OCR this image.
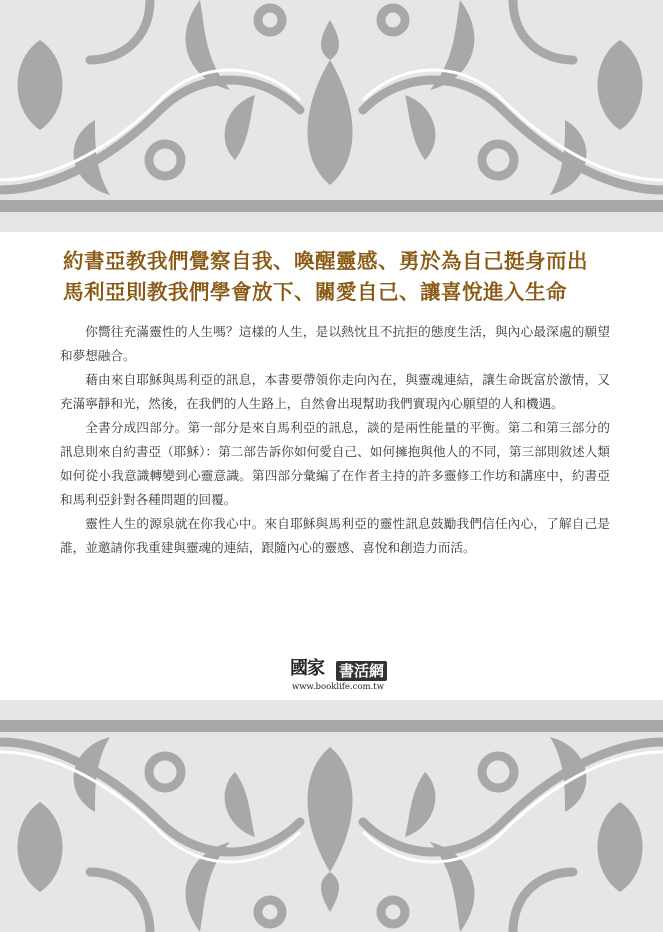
約書亞教我們覺察自我、喚醒靈感、勇於為自己挺身而出
馬利亞則教我們學會放下、關愛自己、讓喜悅進入生命

你嚮往充滿靈性的人生嗎？這樣的人生，是以熱忱且不抗拒的態度生活，與內心最深處的願望和夢想融合。

藉由來自耶穌與馬利亞的訊息，本書要帶領你走向內在，與靈魂連結，讓生命既富於激情，又充滿寧靜和光，然後，在我們的人生路上，自然會出現幫助我們實現內心願望的人和機遇。

全書分成四部分。第一部分是來自馬利亞的訊息，談的是兩性能量的平衡。第二和第三部分的訊息則來自約書亞（耶穌）：第二部告訴你如何愛自己、如何擁抱與他人的不同，第三部則敘述人類如何從小我意識轉變到心靈意識。第四部分彙編了在作者主持的許多靈修工作坊和講座中，約書亞和馬利亞針對各種問題的回覆。

靈性人生的源泉就在你我心中。來自耶穌與馬利亞的靈性訊息鼓勵我們信任內心，了解自己是誰，並邀請你我重建與靈魂的連結，跟隨內心的靈感、喜悅和創造力而活。

國家	書活網
www.booklife.com.tw
